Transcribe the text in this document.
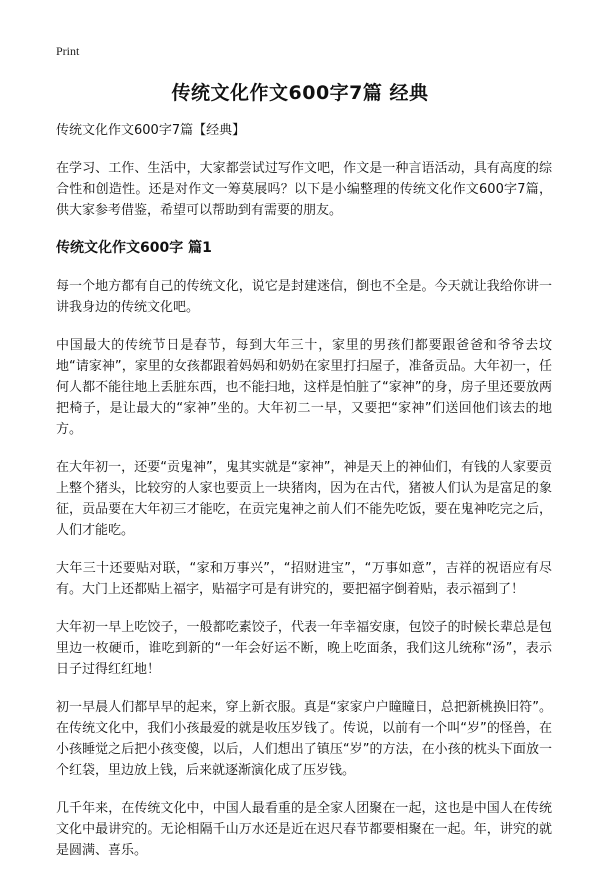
Print
传统文化作文600字7篇 经典
传统文化作文600字7篇【经典】

在学习、工作、生活中，大家都尝试过写作文吧，作文是一种言语活动，具有高度的综合性和创造性。还是对作文一筹莫展吗？以下是小编整理的传统文化作文600字7篇，供大家参考借鉴，希望可以帮助到有需要的朋友。

传统文化作文600字 篇1

每一个地方都有自己的传统文化，说它是封建迷信，倒也不全是。今天就让我给你讲一讲我身边的传统文化吧。

中国最大的传统节日是春节，每到大年三十，家里的男孩们都要跟爸爸和爷爷去坟地“请家神”，家里的女孩都跟着妈妈和奶奶在家里打扫屋子，准备贡品。大年初一，任何人都不能往地上丢脏东西，也不能扫地，这样是怕脏了“家神”的身，房子里还要放两把椅子，是让最大的“家神”坐的。大年初二一早，又要把“家神”们送回他们该去的地方。

在大年初一，还要“贡鬼神”，鬼其实就是“家神”，神是天上的神仙们，有钱的人家要贡上整个猪头，比较穷的人家也要贡上一块猪肉，因为在古代，猪被人们认为是富足的象征，贡品要在大年初三才能吃，在贡完鬼神之前人们不能先吃饭，要在鬼神吃完之后，人们才能吃。

大年三十还要贴对联，“家和万事兴”，“招财进宝”，“万事如意”，吉祥的祝语应有尽有。大门上还都贴上福字，贴福字可是有讲究的，要把福字倒着贴，表示福到了！

大年初一早上吃饺子，一般都吃素饺子，代表一年幸福安康，包饺子的时候长辈总是包里边一枚硬币，谁吃到新的“一年会好运不断，晚上吃面条，我们这儿统称“汤”，表示日子过得红红地！

初一早晨人们都早早的起来，穿上新衣服。真是“家家户户瞳瞳日，总把新桃换旧符”。在传统文化中，我们小孩最爱的就是收压岁钱了。传说，以前有一个叫“岁”的怪兽，在小孩睡觉之后把小孩变傻，以后，人们想出了镇压“岁”的方法，在小孩的枕头下面放一个红袋，里边放上钱，后来就逐渐演化成了压岁钱。

几千年来，在传统文化中，中国人最看重的是全家人团聚在一起，这也是中国人在传统文化中最讲究的。无论相隔千山万水还是近在迟尺春节都要相聚在一起。年，讲究的就是圆满、喜乐。
